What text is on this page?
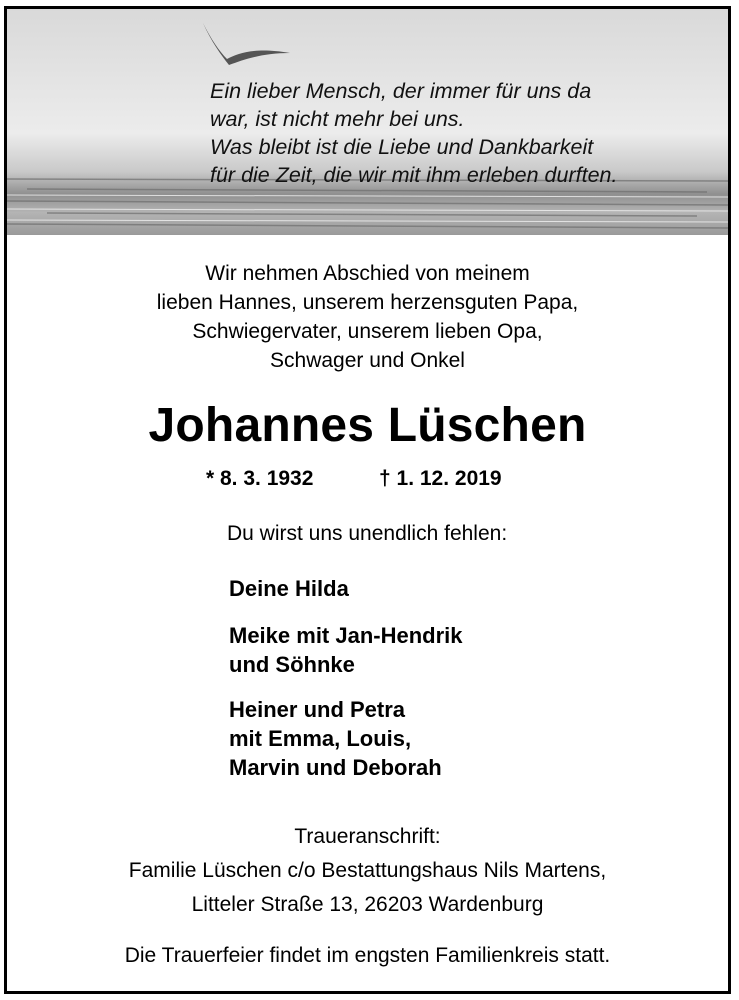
Ein lieber Mensch, der immer für uns da
war, ist nicht mehr bei uns.
Was bleibt ist die Liebe und Dankbarkeit
für die Zeit, die wir mit ihm erleben durften.
Wir nehmen Abschied von meinem
lieben Hannes, unserem herzensguten Papa,
Schwiegervater, unserem lieben Opa,
Schwager und Onkel
Johannes Lüschen
* 8. 3. 1932	† 1. 12. 2019
Du wirst uns unendlich fehlen:
Deine Hilda
Meike mit Jan-Hendrik
und Söhnke
Heiner und Petra
mit Emma, Louis,
Marvin und Deborah
Traueranschrift:
Familie Lüschen c/o Bestattungshaus Nils Martens,
Litteler Straße 13, 26203 Wardenburg
Die Trauerfeier findet im engsten Familienkreis statt.
